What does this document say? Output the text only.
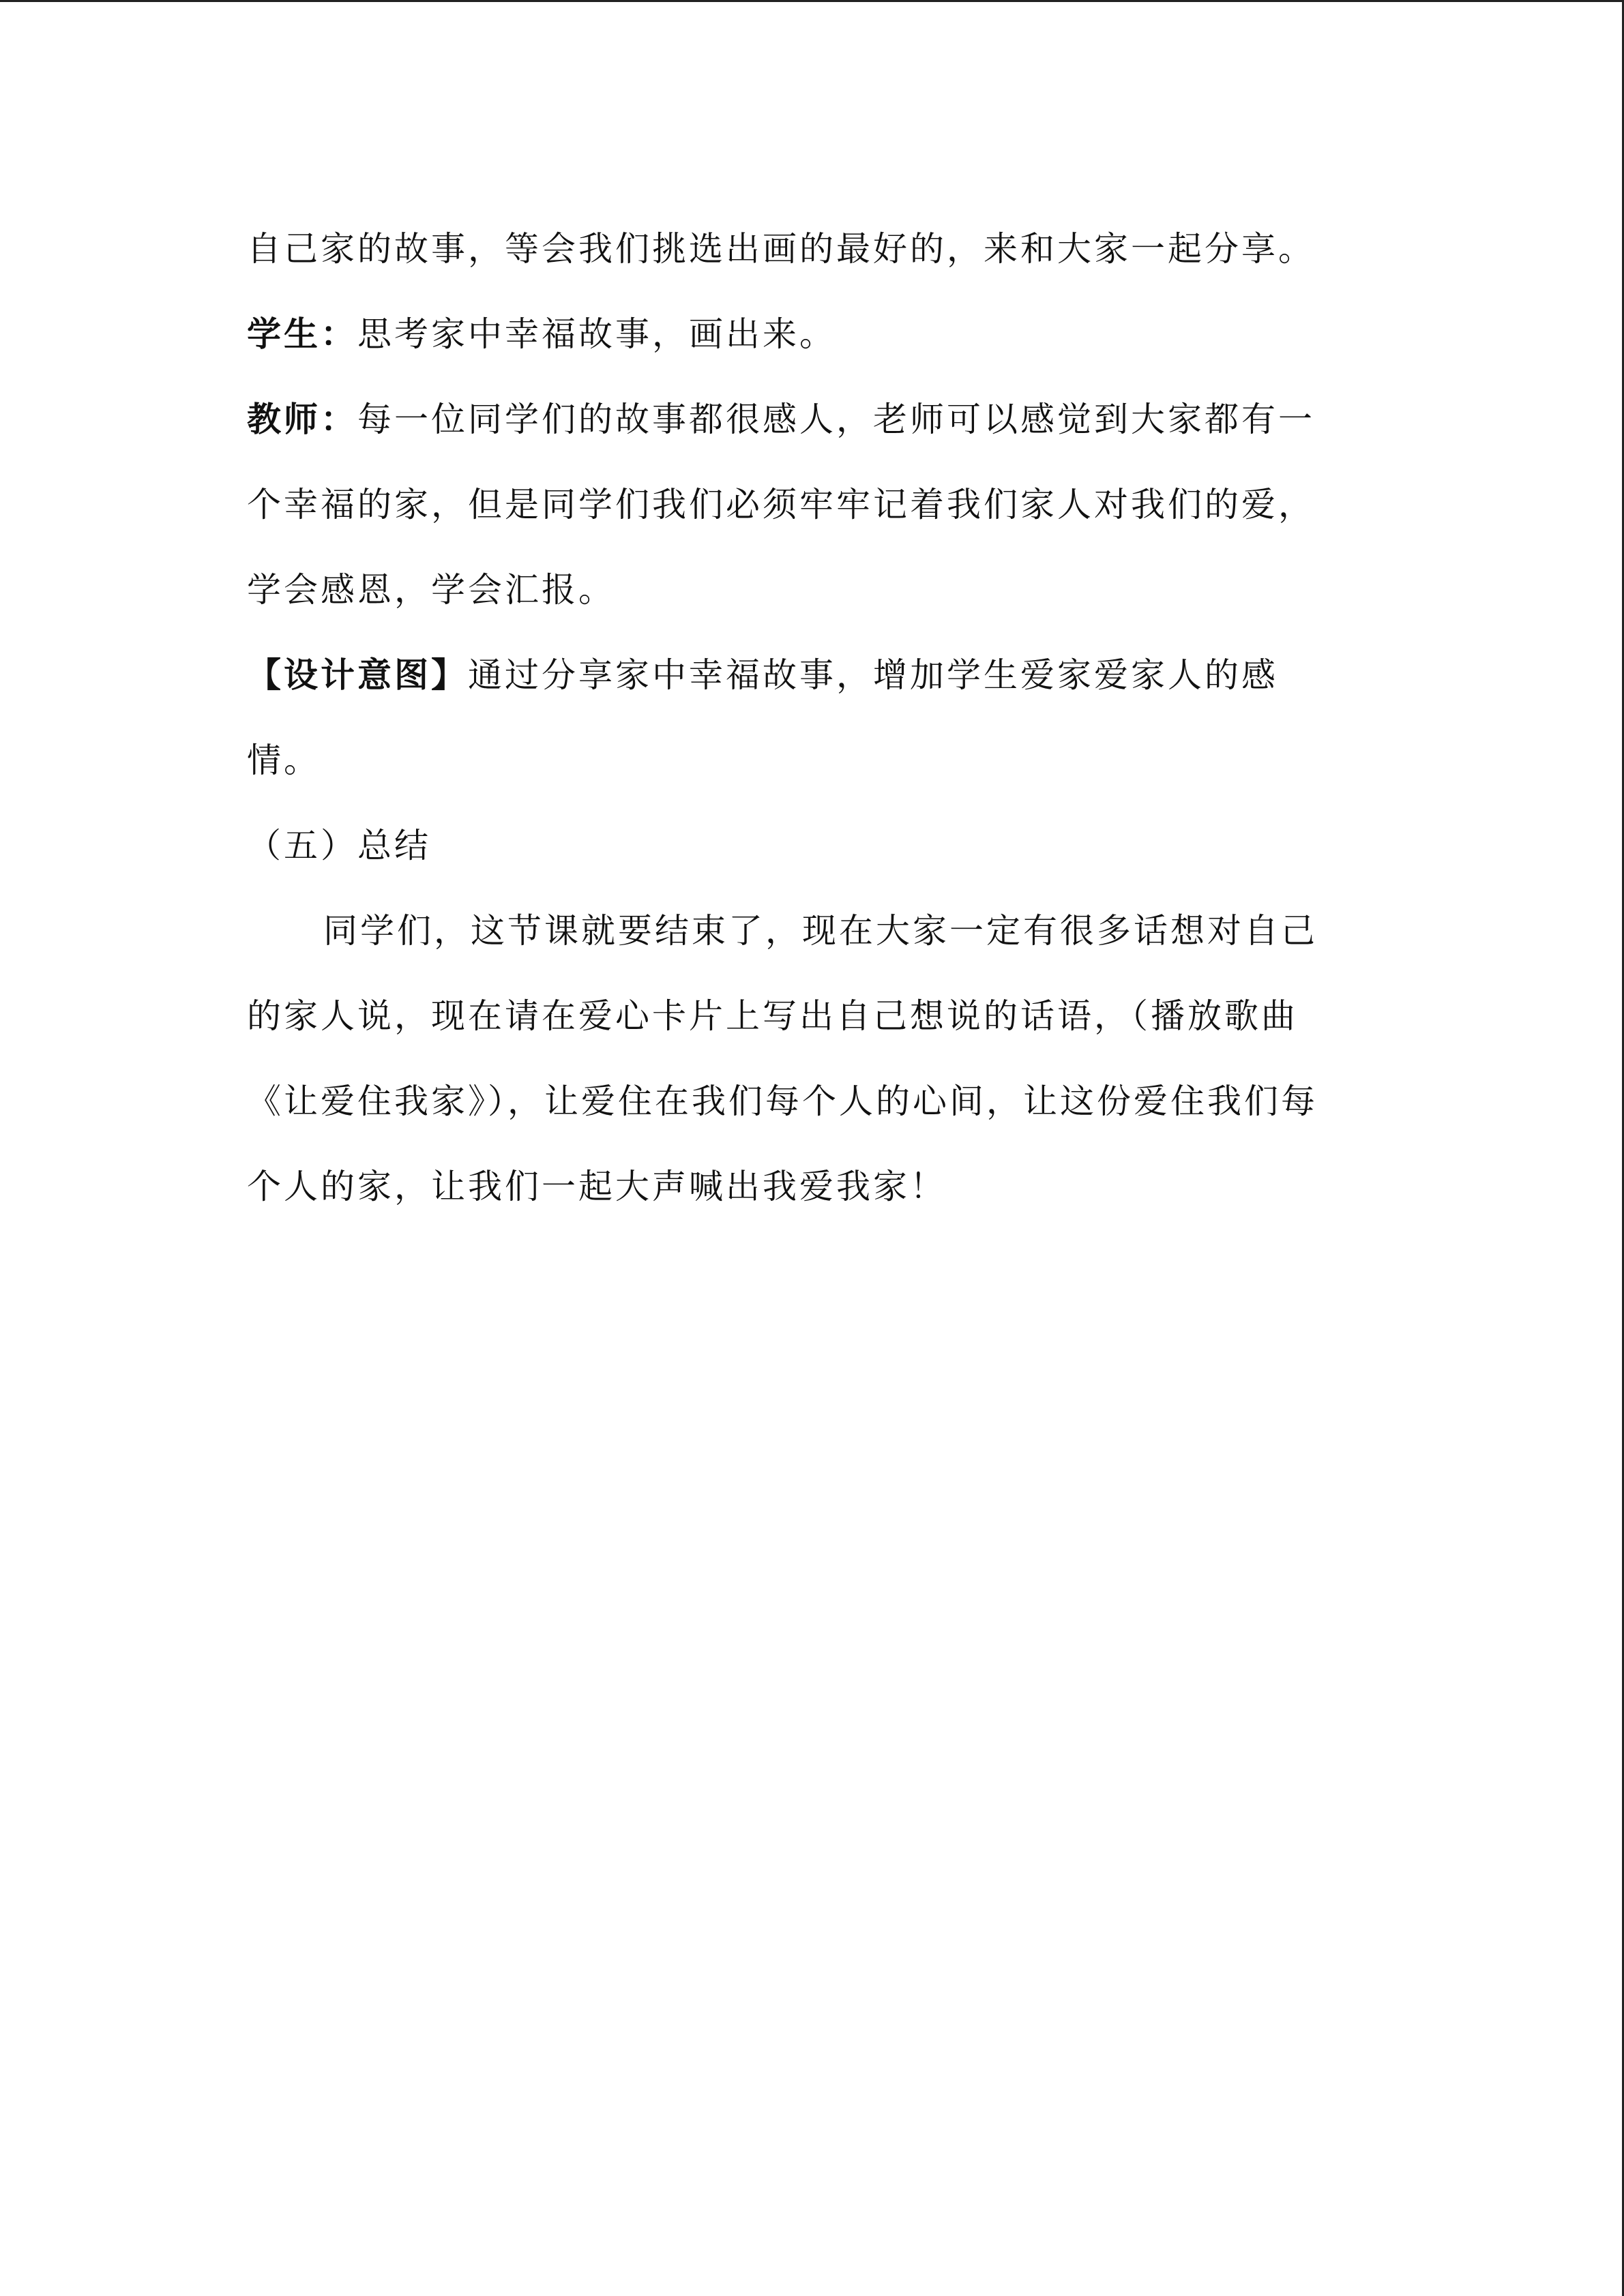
自己家的故事，等会我们挑选出画的最好的，来和大家一起分享。
学生：思考家中幸福故事，画出来。
教师：每一位同学们的故事都很感人，老师可以感觉到大家都有一
个幸福的家，但是同学们我们必须牢牢记着我们家人对我们的爱，
学会感恩，学会汇报。
【设计意图】通过分享家中幸福故事，增加学生爱家爱家人的感
情。
（五）总结
同学们，这节课就要结束了，现在大家一定有很多话想对自己
的家人说，现在请在爱心卡片上写出自己想说的话语，（播放歌曲
《让爱住我家》），让爱住在我们每个人的心间，让这份爱住我们每
个人的家，让我们一起大声喊出我爱我家！
